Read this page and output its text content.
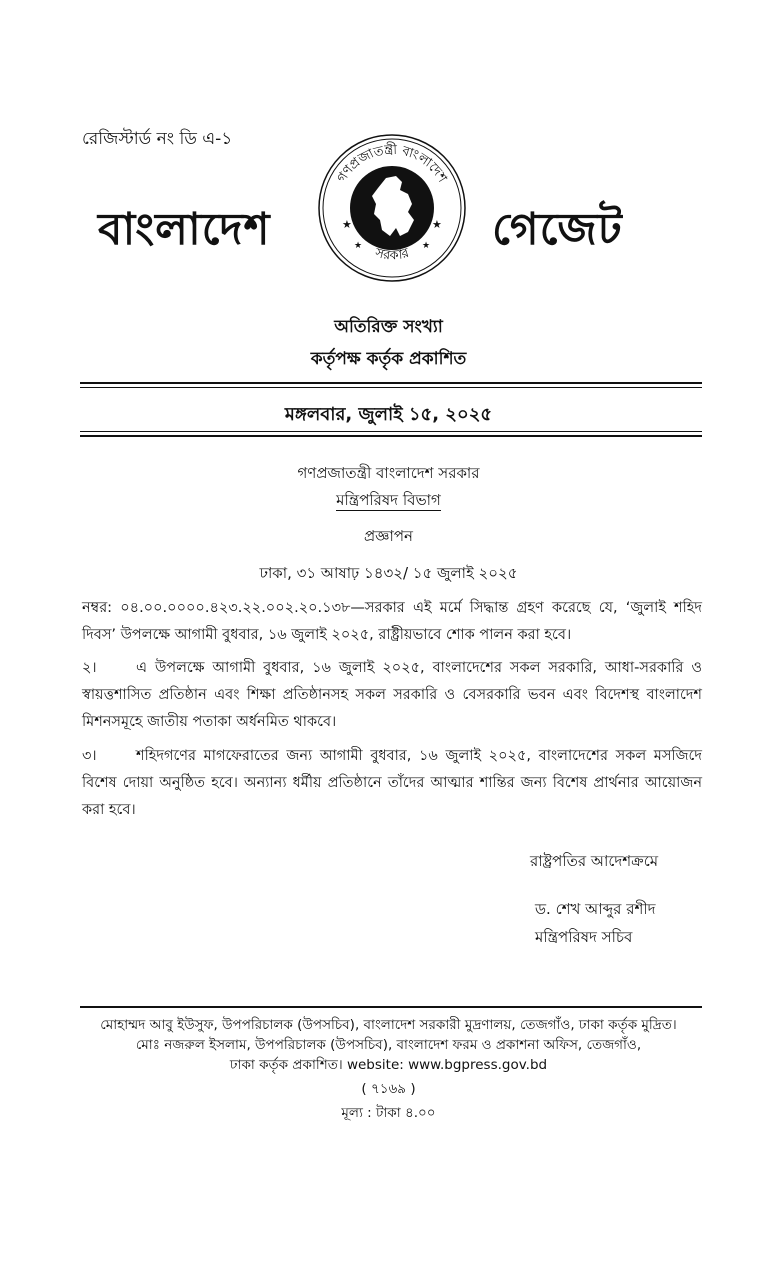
রেজিস্টার্ড নং ডি এ-১
বাংলাদেশ
গণপ্রজাতন্ত্রী বাংলাদেশ
সরকার
★	★
★	★ গেজেট
অতিরিক্ত সংখ্যা
কর্তৃপক্ষ কর্তৃক প্রকাশিত
মঙ্গলবার, জুলাই ১৫, ২০২৫
গণপ্রজাতন্ত্রী বাংলাদেশ সরকার
মন্ত্রিপরিষদ বিভাগ
প্রজ্ঞাপন
ঢাকা, ৩১ আষাঢ় ১৪৩২/ ১৫ জুলাই ২০২৫
নম্বর: ০৪.০০.০০০০.৪২৩.২২.০০২.২০.১৩৮—সরকার এই মর্মে সিদ্ধান্ত গ্রহণ করেছে যে, ‘জুলাই শহিদ দিবস’ উপলক্ষে আগামী বুধবার, ১৬ জুলাই ২০২৫, রাষ্ট্রীয়ভাবে শোক পালন করা হবে।
২।	এ উপলক্ষে আগামী বুধবার, ১৬ জুলাই ২০২৫, বাংলাদেশের সকল সরকারি, আধা-সরকারি ও স্বায়ত্তশাসিত প্রতিষ্ঠান এবং শিক্ষা প্রতিষ্ঠানসহ সকল সরকারি ও বেসরকারি ভবন এবং বিদেশস্থ বাংলাদেশ মিশনসমূহে জাতীয় পতাকা অর্ধনমিত থাকবে।
৩।	শহিদগণের মাগফেরাতের জন্য আগামী বুধবার, ১৬ জুলাই ২০২৫, বাংলাদেশের সকল মসজিদে বিশেষ দোয়া অনুষ্ঠিত হবে। অন্যান্য ধর্মীয় প্রতিষ্ঠানে তাঁদের আত্মার শান্তির জন্য বিশেষ প্রার্থনার আয়োজন করা হবে।
রাষ্ট্রপতির আদেশক্রমে
ড. শেখ আব্দুর রশীদ
মন্ত্রিপরিষদ সচিব
মোহাম্মদ আবু ইউসুফ, উপপরিচালক (উপসচিব), বাংলাদেশ সরকারী মুদ্রণালয়, তেজগাঁও, ঢাকা কর্তৃক মুদ্রিত।
মোঃ নজরুল ইসলাম, উপপরিচালক (উপসচিব), বাংলাদেশ ফরম ও প্রকাশনা অফিস, তেজগাঁও,
ঢাকা কর্তৃক প্রকাশিত। website: www.bgpress.gov.bd
( ৭১৬৯ )
মূল্য : টাকা ৪.০০
